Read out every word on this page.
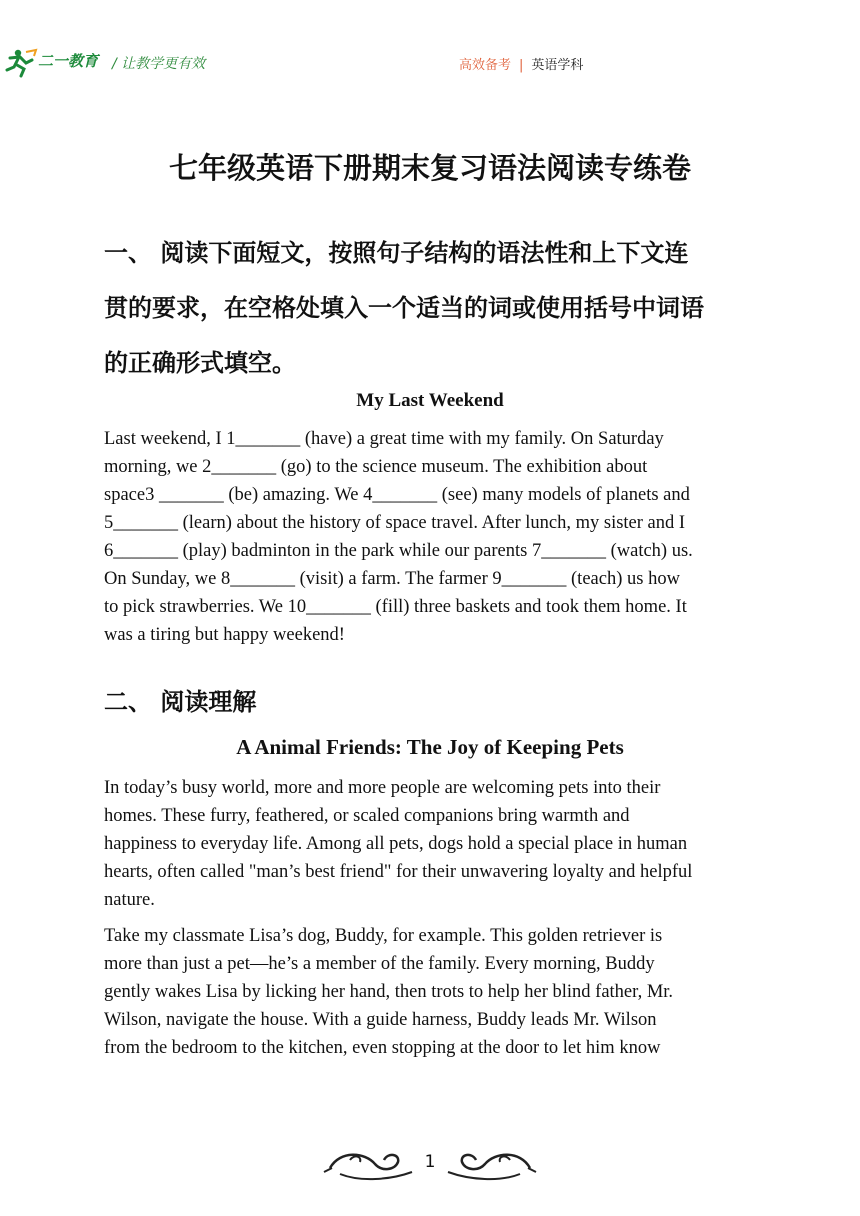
二一教育 / 让教学更有效	高效备考 | 英语学科
七年级英语下册期末复习语法阅读专练卷
一、 阅读下面短文，按照句子结构的语法性和上下文连
贯的要求，在空格处填入一个适当的词或使用括号中词语
的正确形式填空。
My Last Weekend
Last weekend, I 1_______ (have) a great time with my family. On Saturday
morning, we 2_______ (go) to the science museum. The exhibition about
space3 _______ (be) amazing. We 4_______ (see) many models of planets and
5_______ (learn) about the history of space travel. After lunch, my sister and I
6_______ (play) badminton in the park while our parents 7_______ (watch) us.
On Sunday, we 8_______ (visit) a farm. The farmer 9_______ (teach) us how
to pick strawberries. We 10_______ (fill) three baskets and took them home. It
was a tiring but happy weekend!
二、 阅读理解
A Animal Friends: The Joy of Keeping Pets
In today’s busy world, more and more people are welcoming pets into their
homes. These furry, feathered, or scaled companions bring warmth and
happiness to everyday life. Among all pets, dogs hold a special place in human
hearts, often called "man’s best friend" for their unwavering loyalty and helpful
nature.
Take my classmate Lisa’s dog, Buddy, for example. This golden retriever is
more than just a pet—he’s a member of the family. Every morning, Buddy
gently wakes Lisa by licking her hand, then trots to help her blind father, Mr.
Wilson, navigate the house. With a guide harness, Buddy leads Mr. Wilson
from the bedroom to the kitchen, even stopping at the door to let him know
1
